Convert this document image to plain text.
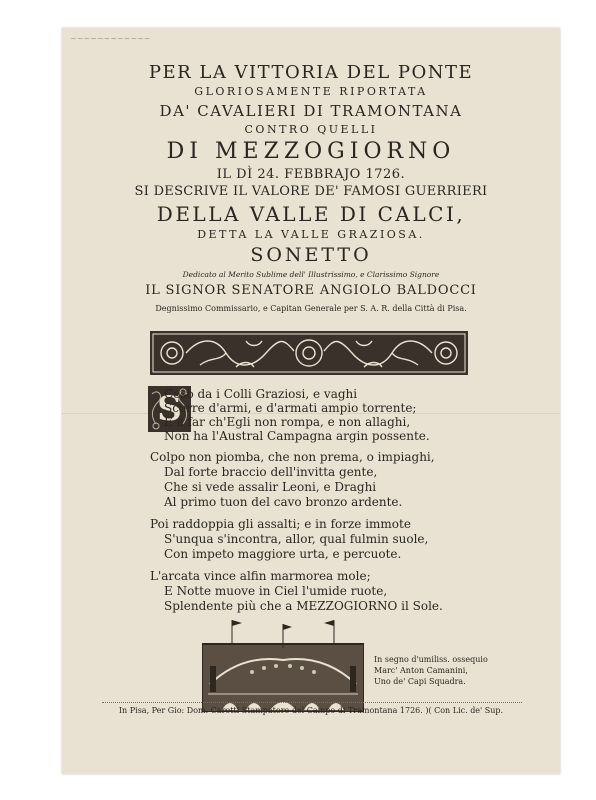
~~~~~~~~~~~~
PER LA VITTORIA DEL PONTE
GLORIOSAMENTE RIPORTATA
DA' CAVALIERI DI TRAMONTANA
CONTRO QUELLI
DI MEZZOGIORNO
IL DÌ 24. FEBBRAJO 1726.
SI DESCRIVE IL VALORE DE' FAMOSI GUERRIERI
DELLA VALLE DI CALCI,
DETTA LA VALLE GRAZIOSA.
SONETTO
Dedicato al Merito Sublime dell' Illustrissimo, e Clarissimo Signore
IL SIGNOR SENATORE ANGIOLO BALDOCCI
Degnissimo Commissario, e Capitan Generale per S. A. R. della Città di Pisa.
S
Ceso da i Colli Graziosi, e vaghi
Scorre d'armi, e d'armati ampio torrente;
E a far ch'Egli non rompa, e non allaghi,
Non ha l'Austral Campagna argin possente.
Colpo non piomba, che non prema, o impiaghi,
Dal forte braccio dell'invitta gente,
Che si vede assalir Leoni, e Draghi
Al primo tuon del cavo bronzo ardente.
Poi raddoppia gli assalti; e in forze immote
S'unqua s'incontra, allor, qual fulmin suole,
Con impeto maggiore urta, e percuote.
L'arcata vince alfin marmorea mole;
E Notte muove in Ciel l'umide ruote,
Splendente più che a MEZZOGIORNO il Sole.
In segno d'umiliss. ossequio
Marc' Anton Camanini,
Uno de' Capi Squadra.
In Pisa, Per Gio: Dom. Carotti Stampatore del Campo di Tramontana 1726. )( Con Lic. de' Sup.
